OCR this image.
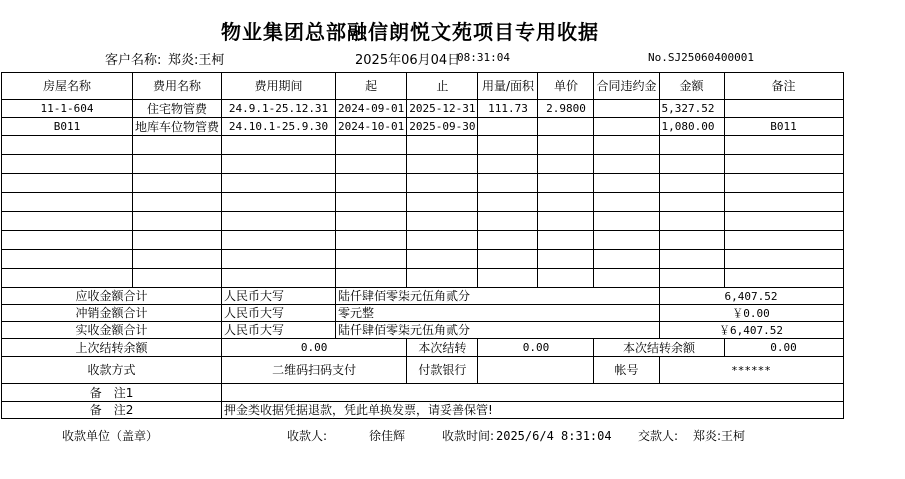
物业集团总部融信朗悦文苑项目专用收据
客户名称: 郑炎:王柯	2025年06月04日
08:31:04	No.SJ25060400001
房屋名称	费用名称	费用期间	起	止	用量/面积	单价	合同违约金	金额	备注
11-1-604	住宅物管费	24.9.1-25.12.31	2024-09-01	2025-12-31	111.73	2.9800		5,327.52	
B011	地库车位物管费	24.10.1-25.9.30	2024-10-01	2025-09-30				1,080.00	B011

应收金额合计		人民币大写	陆仟肆佰零柒元伍角贰分					6,407.52	
冲销金额合计		人民币大写	零元整					￥0.00	
实收金额合计		人民币大写	陆仟肆佰零柒元伍角贰分					￥6,407.52	
上次结转余额		0.00		本次结转	0.00		本次结转余额		0.00
收款方式		二维码扫码支付		付款银行			帐号	******	
备　注1									
备　注2		押金类收据凭据退款，凭此单换发票，请妥善保管!							
收款单位（盖章）	收款人:	徐佳辉	收款时间: 2025/6/4 8:31:04 交款人: 郑炎:王柯
